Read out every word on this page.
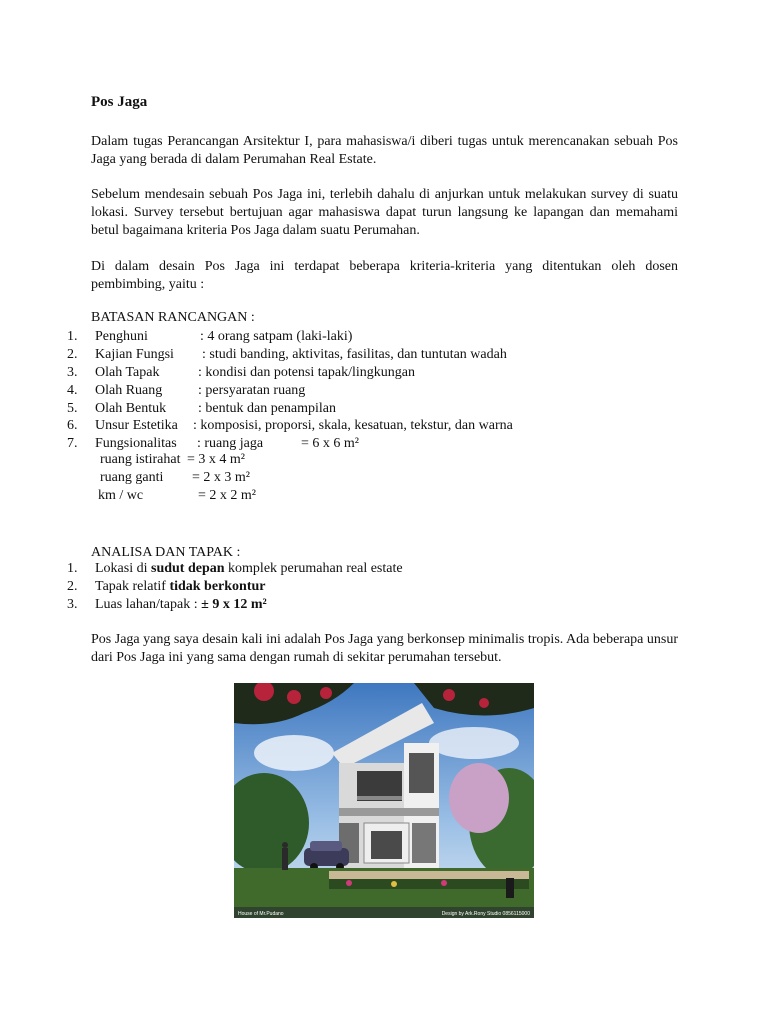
Pos Jaga
Dalam tugas Perancangan Arsitektur I, para mahasiswa/i diberi tugas untuk merencanakan sebuah Pos Jaga yang berada di dalam Perumahan Real Estate.
Sebelum mendesain sebuah Pos Jaga ini, terlebih dahalu di anjurkan untuk melakukan survey di suatu lokasi. Survey tersebut bertujuan agar mahasiswa dapat turun langsung ke lapangan dan memahami betul bagaimana kriteria Pos Jaga dalam suatu Perumahan.
Di dalam desain Pos Jaga ini terdapat beberapa kriteria-kriteria yang ditentukan oleh dosen pembimbing, yaitu :
BATASAN RANCANGAN :
1. Penghuni	: 4 orang satpam (laki-laki)
2. Kajian Fungsi : studi banding, aktivitas, fasilitas, dan tuntutan wadah
3. Olah Tapak	: kondisi dan potensi tapak/lingkungan
4. Olah Ruang	: persyaratan ruang
5. Olah Bentuk : bentuk dan penampilan
6. Unsur Estetika : komposisi, proporsi, skala, kesatuan, tekstur, dan warna
7. Fungsionalitas : ruang jaga	= 6 x 6 m²
ruang istirahat = 3 x 4 m²
ruang ganti = 2 x 3 m²
km / wc	= 2 x 2 m²
ANALISA DAN TAPAK :
1. Lokasi di sudut depan komplek perumahan real estate
2. Tapak relatif tidak berkontur
3. Luas lahan/tapak : ± 9 x 12 m²
Pos Jaga yang saya desain kali ini adalah Pos Jaga yang berkonsep minimalis tropis. Ada beberapa unsur dari Pos Jaga ini yang sama dengan rumah di sekitar perumahan tersebut.
House of Mr.Pudano	Design by Ark.Rony Studio 0856115000
